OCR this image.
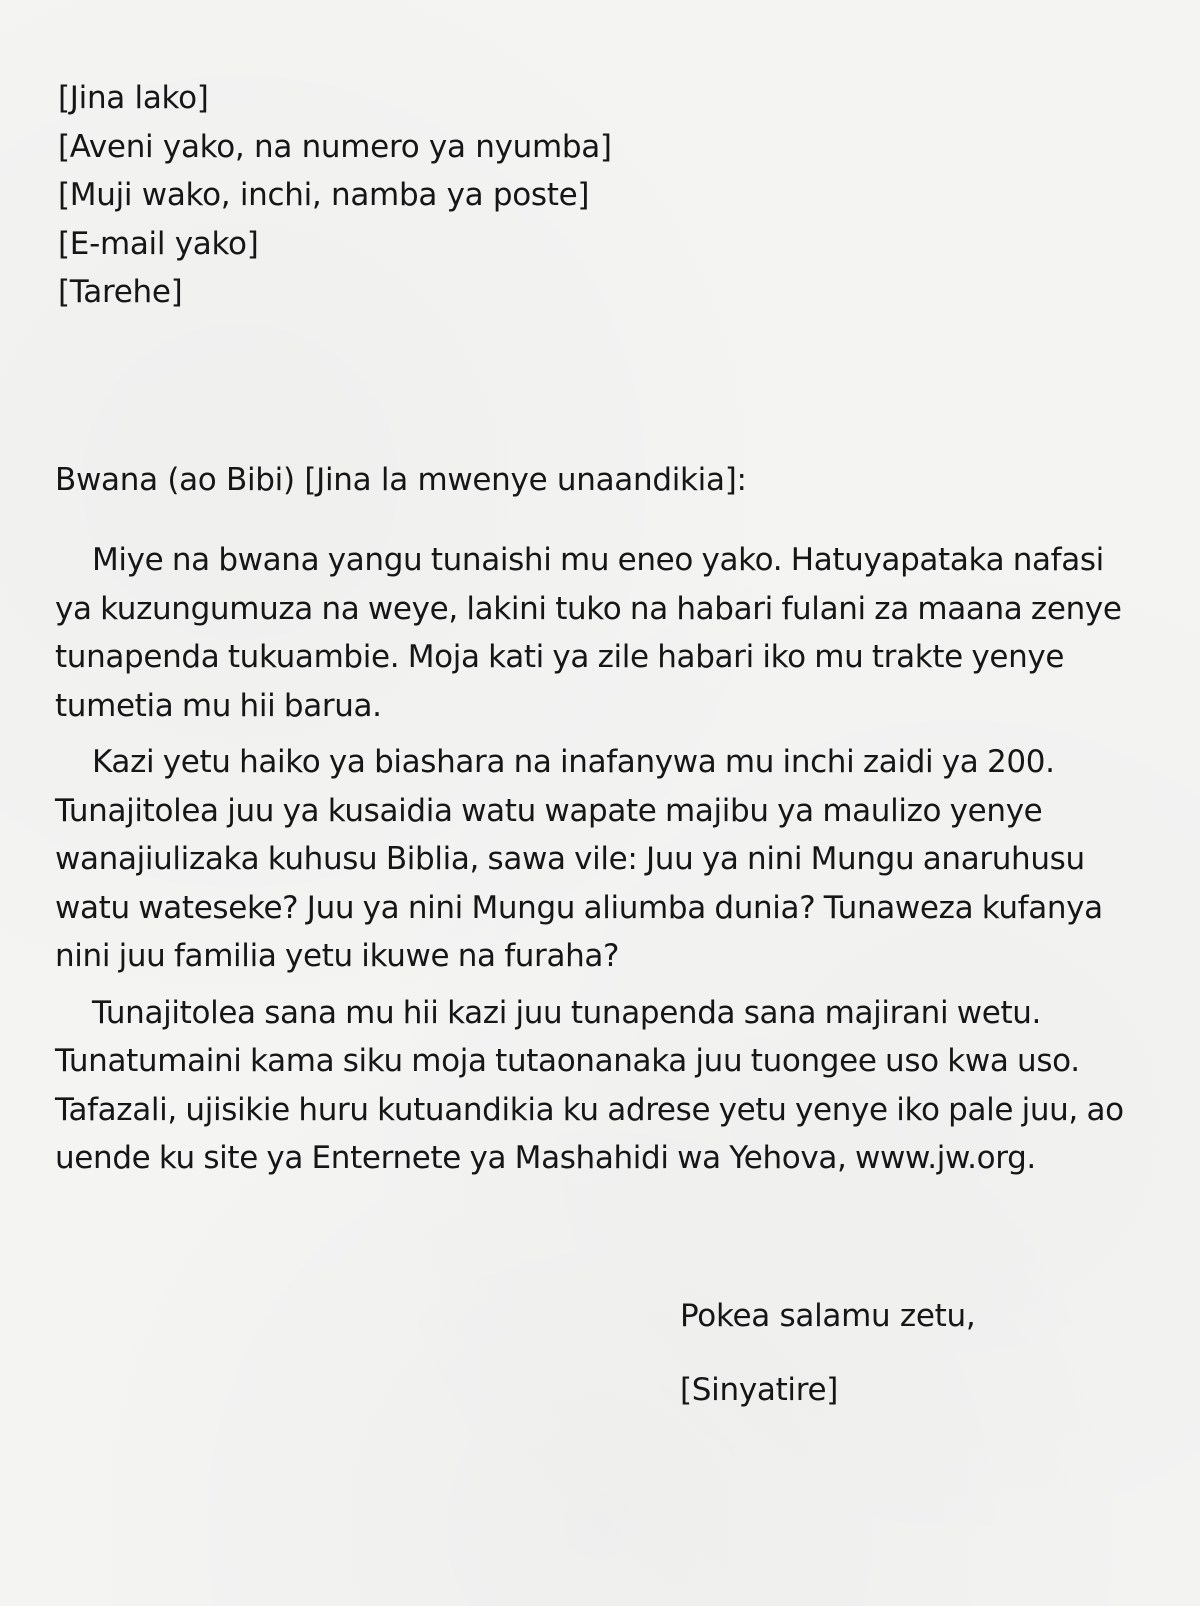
[Jina lako]
[Aveni yako, na numero ya nyumba]
[Muji wako, inchi, namba ya poste]
[E-mail yako]
[Tarehe]
Bwana (ao Bibi) [Jina la mwenye unaandikia]:

Miye na bwana yangu tunaishi mu eneo yako. Hatuyapataka nafasi ya kuzungumuza na weye, lakini tuko na habari fulani za maana zenye tunapenda tukuambie. Moja kati ya zile habari iko mu trakte yenye tumetia mu hii barua.

Kazi yetu haiko ya biashara na inafanywa mu inchi zaidi ya 200. Tunajitolea juu ya kusaidia watu wapate majibu ya maulizo yenye wanajiulizaka kuhusu Biblia, sawa vile: Juu ya nini Mungu anaruhusu watu wateseke? Juu ya nini Mungu aliumba dunia? Tunaweza kufanya nini juu familia yetu ikuwe na furaha?

Tunajitolea sana mu hii kazi juu tunapenda sana majirani wetu. Tunatumaini kama siku moja tutaonanaka juu tuongee uso kwa uso. Tafazali, ujisikie huru kutuandikia ku adrese yetu yenye iko pale juu, ao uende ku site ya Enternete ya Mashahidi wa Yehova, www.jw.org.

Pokea salamu zetu,
[Sinyatire]
